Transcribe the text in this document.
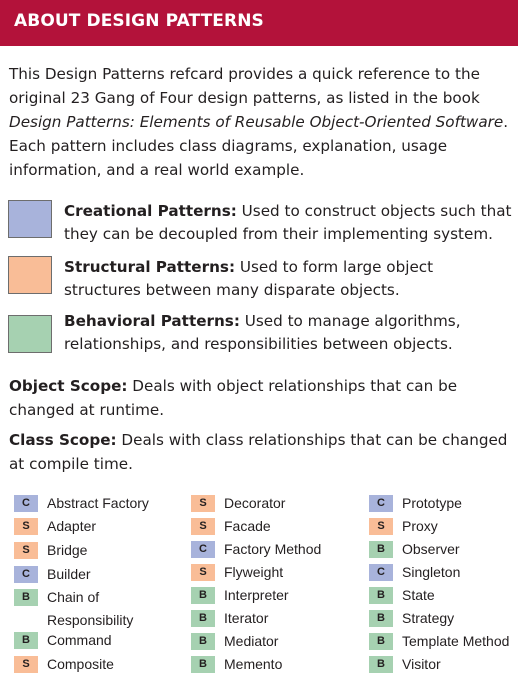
ABOUT DESIGN PATTERNS
This Design Patterns refcard provides a quick reference to the original 23 Gang of Four design patterns, as listed in the book Design Patterns: Elements of Reusable Object-Oriented Software. Each pattern includes class diagrams, explanation, usage information, and a real world example.
Creational Patterns: Used to construct objects such that they can be decoupled from their implementing system.
Structural Patterns: Used to form large object structures between many disparate objects.
Behavioral Patterns: Used to manage algorithms, relationships, and responsibilities between objects.
Object Scope: Deals with object relationships that can be changed at runtime.
Class Scope: Deals with class relationships that can be changed at compile time.
C	Abstract Factory
S	Adapter
S	Bridge
C	Builder
B	Chain of
Responsibility
B	Command
S	Composite
S	Decorator
S	Facade
C	Factory Method
S	Flyweight
B	Interpreter
B	Iterator
B	Mediator
B	Memento
C	Prototype
S	Proxy
B	Observer
C	Singleton
B	State
B	Strategy
B	Template Method
B	Visitor
